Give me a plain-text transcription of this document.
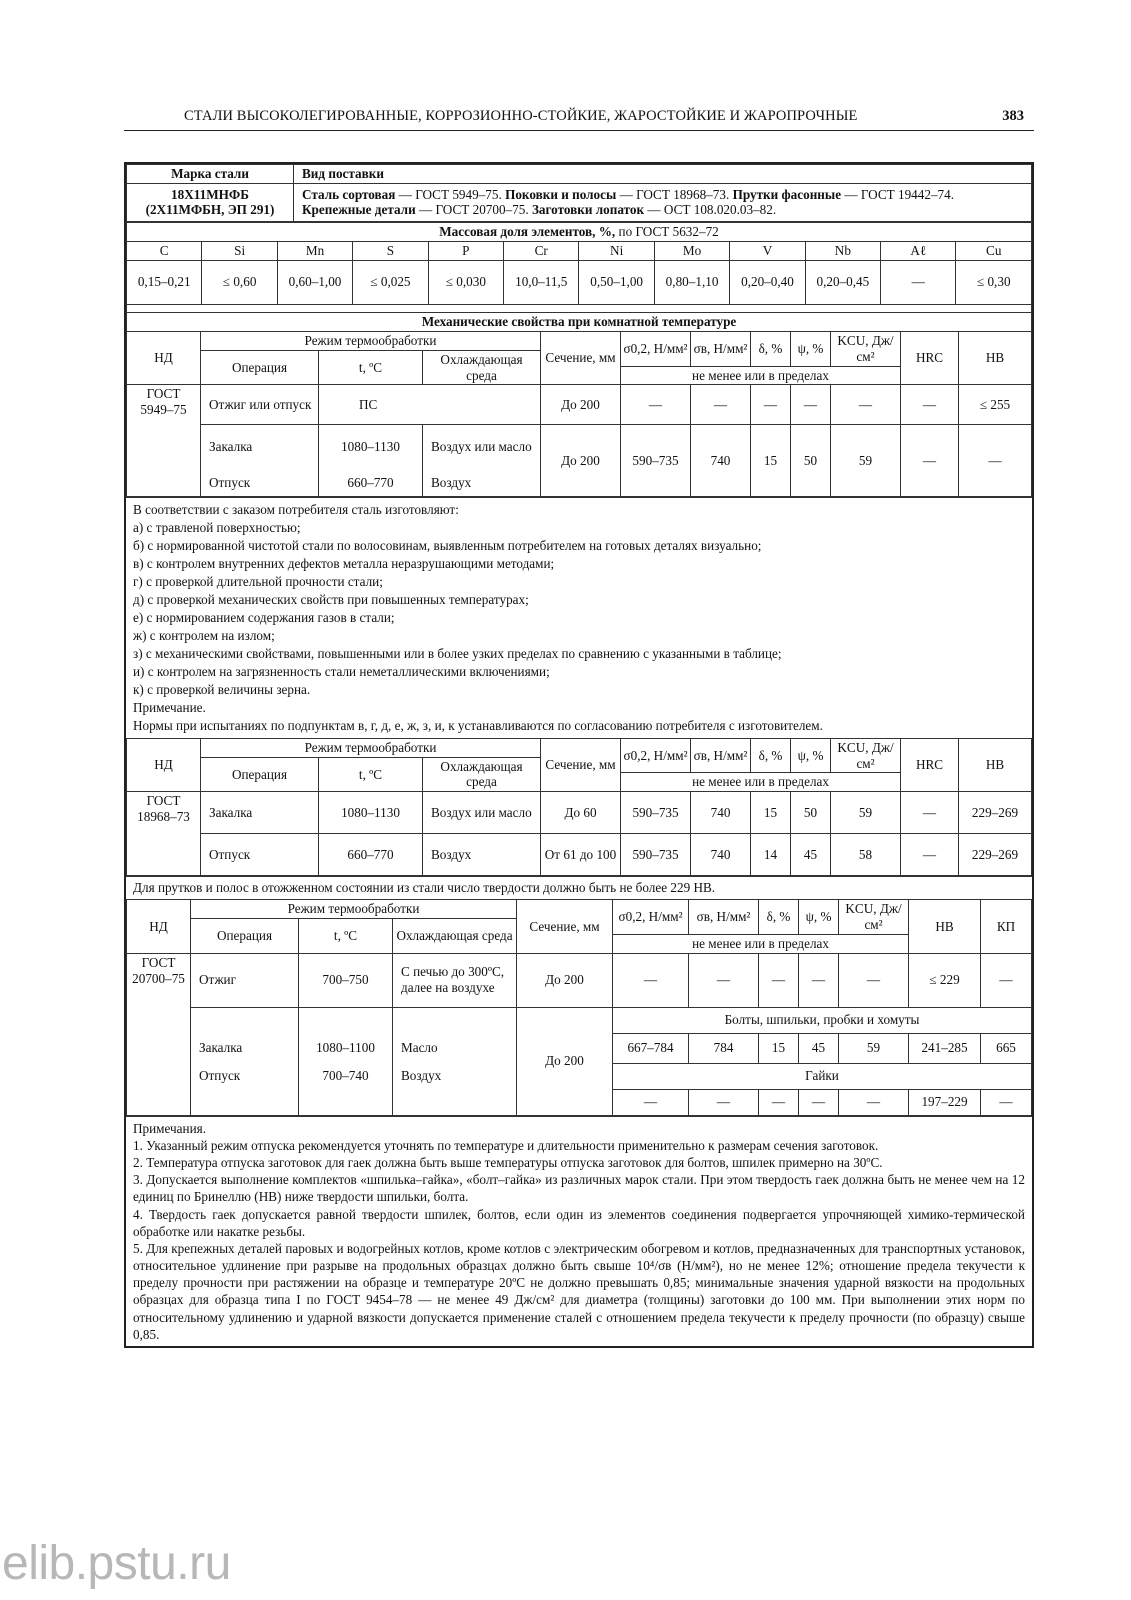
СТАЛИ ВЫСОКОЛЕГИРОВАННЫЕ, КОРРОЗИОННО-СТОЙКИЕ, ЖАРОСТОЙКИЕ И ЖАРОПРОЧНЫЕ	383
Марка стали	Вид поставки

18Х11МНФБ
(2Х11МФБН, ЭП 291)	Сталь сортовая — ГОСТ 5949–75. Поковки и полосы — ГОСТ 18968–73. Прутки фасонные — ГОСТ 19442–74. Крепежные детали — ГОСТ 20700–75. Заготовки лопаток — ОСТ 108.020.03–82.
Массовая доля элементов, %, по ГОСТ 5632–72											
C	Si	Mn	S	P	Cr	Ni	Mo	V	Nb	Aℓ	Cu
0,15–0,21	≤ 0,60	0,60–1,00	≤ 0,025	≤ 0,030	10,0–11,5	0,50–1,00	0,80–1,10	0,20–0,40	0,20–0,45	—	≤ 0,30

Механические свойства при комнатной температуре											
НД	Режим термообработки			Сечение, мм	σ0,2, Н/мм²	σв, Н/мм²	δ, %	ψ, %	KCU, Дж/см²	HRC	HB
	Операция	t, ºС	Охлаждающая среда								
					не менее или в пределах						
ГОСТ 5949–75	Отжиг или отпуск	ПС		До 200	—	—	—	—	—	—	≤ 255
	Закалка	1080–1130	Воздух или масло	До 200	590–735	740	15	50	59	—	—
	Отпуск	660–770	Воздух								
В соответствии с заказом потребителя сталь изготовляют:
а) с травленой поверхностью;
б) с нормированной чистотой стали по волосовинам, выявленным потребителем на готовых деталях визуально;
в) с контролем внутренних дефектов металла неразрушающими методами;
г) с проверкой длительной прочности стали;
д) с проверкой механических свойств при повышенных температурах;
е) с нормированием содержания газов в стали;
ж) с контролем на излом;
з) с механическими свойствами, повышенными или в более узких пределах по сравнению с указанными в таблице;
и) с контролем на загрязненность стали неметаллическими включениями;
к) с проверкой величины зерна.
Примечание.
Нормы при испытаниях по подпунктам в, г, д, е, ж, з, и, к устанавливаются по согласованию потребителя с изготовителем.
НД	Режим термообработки			Сечение, мм	σ0,2, Н/мм²	σв, Н/мм²	δ, %	ψ, %	KCU, Дж/см²	HRC	HB
	Операция	t, ºС	Охлаждающая среда								
					не менее или в пределах						
ГОСТ 18968–73	Закалка	1080–1130	Воздух или масло	До 60	590–735	740	15	50	59	—	229–269
	Отпуск	660–770	Воздух	От 61 до 100	590–735	740	14	45	58	—	229–269
Для прутков и полос в отожженном состоянии из стали число твердости должно быть не более 229 НВ.
НД	Режим термообработки			Сечение, мм	σ0,2, Н/мм²	σв, Н/мм²	δ, %	ψ, %	KCU, Дж/см²	HB	КП
	Операция	t, ºС	Охлаждающая среда								
					не менее или в пределах						
ГОСТ 20700–75	Отжиг	700–750	С печью до 300ºС, далее на воздухе	До 200	—	—	—	—	—	≤ 229	—
				До 200	Болты, шпильки, пробки и хомуты						
	Закалка	1080–1100	Масло		667–784	784	15	45	59	241–285	665
	Отпуск	700–740	Воздух		Гайки						
					—	—	—	—	—	197–229	—
Примечания.
1. Указанный режим отпуска рекомендуется уточнять по температуре и длительности применительно к размерам сечения заготовок.
2. Температура отпуска заготовок для гаек должна быть выше температуры отпуска заготовок для болтов, шпилек примерно на 30ºС.
3. Допускается выполнение комплектов «шпилька–гайка», «болт–гайка» из различных марок стали. При этом твердость гаек должна быть не менее чем на 12 единиц по Бринеллю (НВ) ниже твердости шпильки, болта.
4. Твердость гаек допускается равной твердости шпилек, болтов, если один из элементов соединения подвергается упрочняющей химико-термической обработке или накатке резьбы.
5. Для крепежных деталей паровых и водогрейных котлов, кроме котлов с электрическим обогревом и котлов, предназначенных для транспортных установок, относительное удлинение при разрыве на продольных образцах должно быть свыше 10⁴/σв (Н/мм²), но не менее 12%; отношение предела текучести к пределу прочности при растяжении на образце и температуре 20ºС не должно превышать 0,85; минимальные значения ударной вязкости на продольных образцах для образца типа I по ГОСТ 9454–78 — не менее 49 Дж/см² для диаметра (толщины) заготовки до 100 мм. При выполнении этих норм по относительному удлинению и ударной вязкости допускается применение сталей с отношением предела текучести к пределу прочности (по образцу) свыше 0,85.
elib.pstu.ru
